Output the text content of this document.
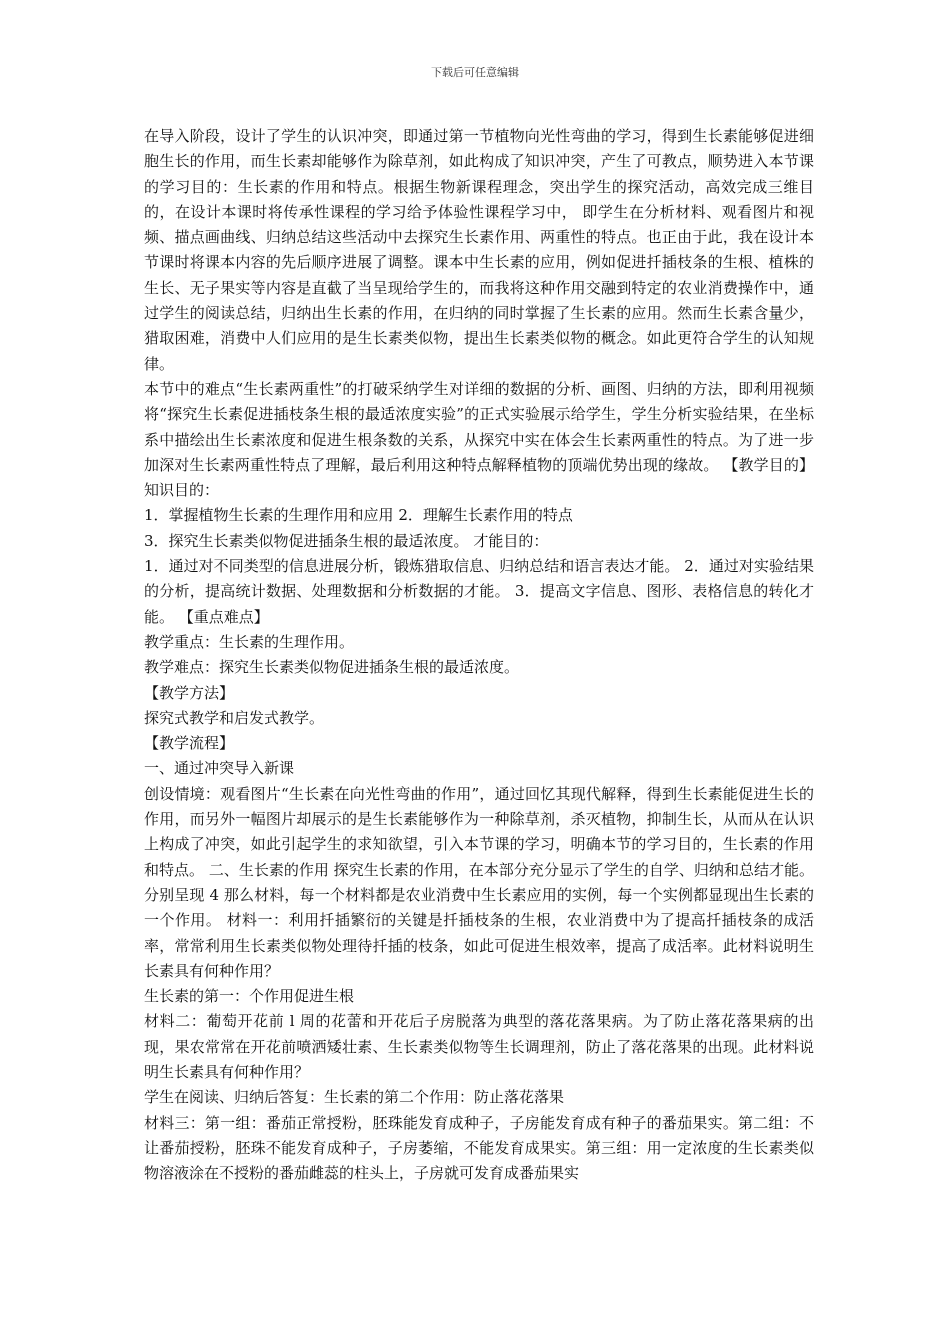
下载后可任意编辑

在导入阶段，设计了学生的认识冲突，即通过第一节植物向光性弯曲的学习，得到生长素能够促进细胞生长的作用，而生长素却能够作为除草剂，如此构成了知识冲突，产生了可教点，顺势进入本节课的学习目的：生长素的作用和特点。根据生物新课程理念，突出学生的探究活动，高效完成三维目的，在设计本课时将传承性课程的学习给予体验性课程学习中， 即学生在分析材料、观看图片和视频、描点画曲线、归纳总结这些活动中去探究生长素作用、两重性的特点。也正由于此，我在设计本节课时将课本内容的先后顺序进展了调整。课本中生长素的应用，例如促进扦插枝条的生根、植株的生长、无子果实等内容是直截了当呈现给学生的，而我将这种作用交融到特定的农业消费操作中，通过学生的阅读总结，归纳出生长素的作用，在归纳的同时掌握了生长素的应用。然而生长素含量少，猎取困难，消费中人们应用的是生长素类似物，提出生长素类似物的概念。如此更符合学生的认知规律。

本节中的难点“生长素两重性”的打破采纳学生对详细的数据的分析、画图、归纳的方法，即利用视频将“探究生长素促进插枝条生根的最适浓度实验”的正式实验展示给学生，学生分析实验结果，在坐标系中描绘出生长素浓度和促进生根条数的关系，从探究中实在体会生长素两重性的特点。为了进一步加深对生长素两重性特点了理解，最后利用这种特点解释植物的顶端优势出现的缘故。 【教学目的】 知识目的：

1．掌握植物生长素的生理作用和应用 2．理解生长素作用的特点

3．探究生长素类似物促进插条生根的最适浓度。 才能目的：

1．通过对不同类型的信息进展分析，锻炼猎取信息、归纳总结和语言表达才能。 2．通过对实验结果的分析，提高统计数据、处理数据和分析数据的才能。 3．提高文字信息、图形、表格信息的转化才能。 【重点难点】

教学重点：生长素的生理作用。

教学难点：探究生长素类似物促进插条生根的最适浓度。

【教学方法】

探究式教学和启发式教学。

【教学流程】

一、通过冲突导入新课

创设情境：观看图片“生长素在向光性弯曲的作用”，通过回忆其现代解释，得到生长素能促进生长的作用，而另外一幅图片却展示的是生长素能够作为一种除草剂，杀灭植物，抑制生长，从而从在认识上构成了冲突，如此引起学生的求知欲望，引入本节课的学习，明确本节的学习目的，生长素的作用和特点。 二、生长素的作用 探究生长素的作用，在本部分充分显示了学生的自学、归纳和总结才能。分别呈现 4 那么材料，每一个材料都是农业消费中生长素应用的实例，每一个实例都显现出生长素的一个作用。 材料一：利用扦插繁衍的关键是扦插枝条的生根，农业消费中为了提高扦插枝条的成活率，常常利用生长素类似物处理待扦插的枝条，如此可促进生根效率，提高了成活率。此材料说明生长素具有何种作用？

生长素的第一：个作用促进生根

材料二：葡萄开花前 l 周的花蕾和开花后子房脱落为典型的落花落果病。为了防止落花落果病的出现，果农常常在开花前喷洒矮壮素、生长素类似物等生长调理剂，防止了落花落果的出现。此材料说明生长素具有何种作用？

学生在阅读、归纳后答复：生长素的第二个作用：防止落花落果

材料三：第一组：番茄正常授粉，胚珠能发育成种子，子房能发育成有种子的番茄果实。第二组：不让番茄授粉，胚珠不能发育成种子，子房萎缩，不能发育成果实。第三组：用一定浓度的生长素类似物溶液涂在不授粉的番茄雌蕊的柱头上，子房就可发育成番茄果实
